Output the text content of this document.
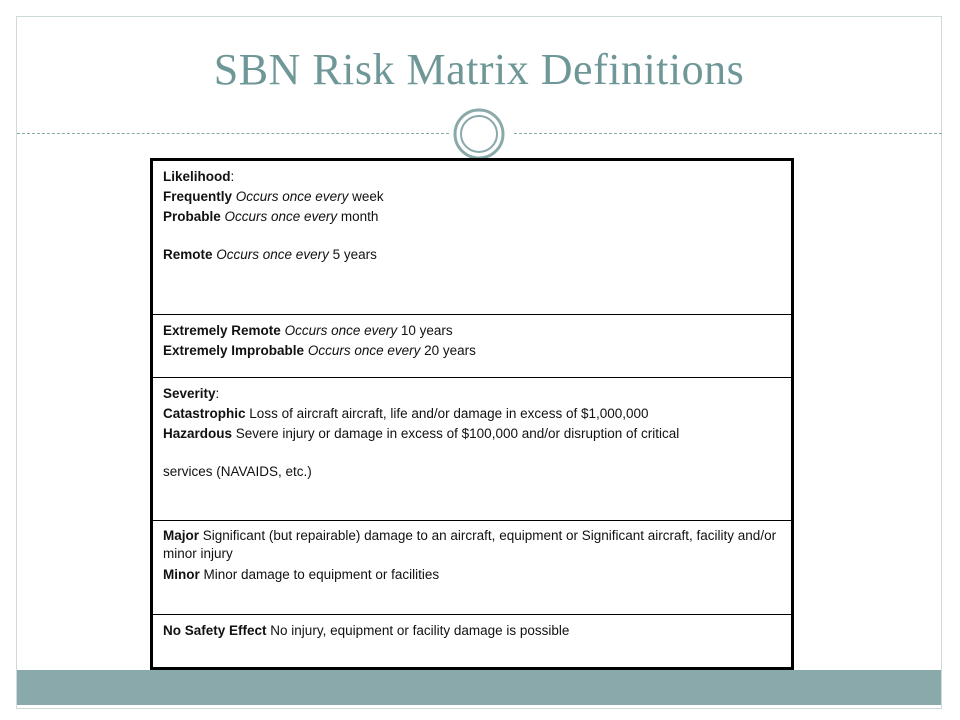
SBN Risk Matrix Definitions
Likelihood:
Frequently Occurs once every week
Probable Occurs once every month
Remote Occurs once every 5 years
Extremely Remote Occurs once every 10 years
Extremely Improbable Occurs once every 20 years
Severity:
Catastrophic Loss of aircraft aircraft, life and/or damage in excess of $1,000,000
Hazardous Severe injury or damage in excess of $100,000 and/or disruption of critical
services (NAVAIDS, etc.)
Major Significant (but repairable) damage to an aircraft, equipment or Significant aircraft, facility and/or minor injury
Minor Minor damage to equipment or facilities
No Safety Effect No injury, equipment or facility damage is possible
